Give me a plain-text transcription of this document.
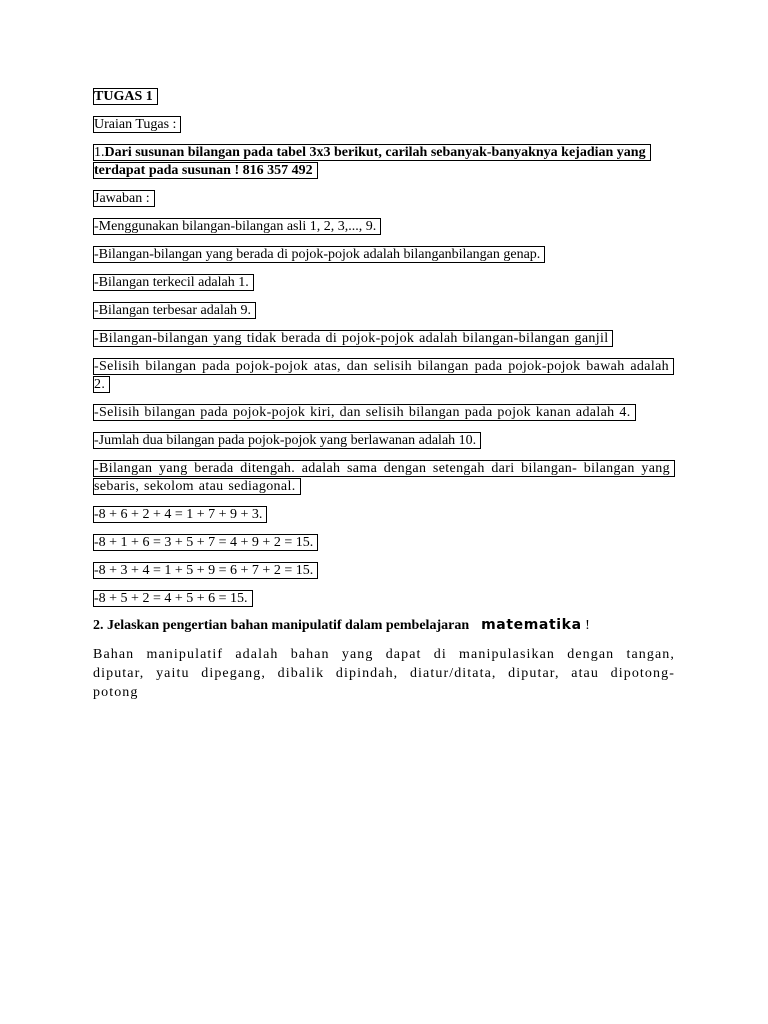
TUGAS 1

Uraian Tugas :

1.Dari susunan bilangan pada tabel 3x3 berikut, carilah sebanyak-banyaknya kejadian yang terdapat pada susunan ! 816 357 492

Jawaban :

-Menggunakan bilangan-bilangan asli 1, 2, 3,..., 9.

-Bilangan-bilangan yang berada di pojok-pojok adalah bilanganbilangan genap.

-Bilangan terkecil adalah 1.

-Bilangan terbesar adalah 9.

-Bilangan-bilangan yang tidak berada di pojok-pojok adalah bilangan-bilangan ganjil

-Selisih bilangan pada pojok-pojok atas, dan selisih bilangan pada pojok-pojok bawah adalah 2.

-Selisih bilangan pada pojok-pojok kiri, dan selisih bilangan pada pojok kanan adalah 4.

-Jumlah dua bilangan pada pojok-pojok yang berlawanan adalah 10.

-Bilangan yang berada ditengah. adalah sama dengan setengah dari bilangan- bilangan yang sebaris, sekolom atau sediagonal.

-8 + 6 + 2 + 4 = 1 + 7 + 9 + 3.

-8 + 1 + 6 = 3 + 5 + 7 = 4 + 9 + 2 = 15.

-8 + 3 + 4 = 1 + 5 + 9 = 6 + 7 + 2 = 15.

-8 + 5 + 2 = 4 + 5 + 6 = 15.

2. Jelaskan pengertian bahan manipulatif dalam pembelajaran matematika !

Bahan manipulatif adalah bahan yang dapat di manipulasikan dengan tangan, diputar, yaitu dipegang, dibalik dipindah, diatur/ditata, diputar, atau dipotong-potong
